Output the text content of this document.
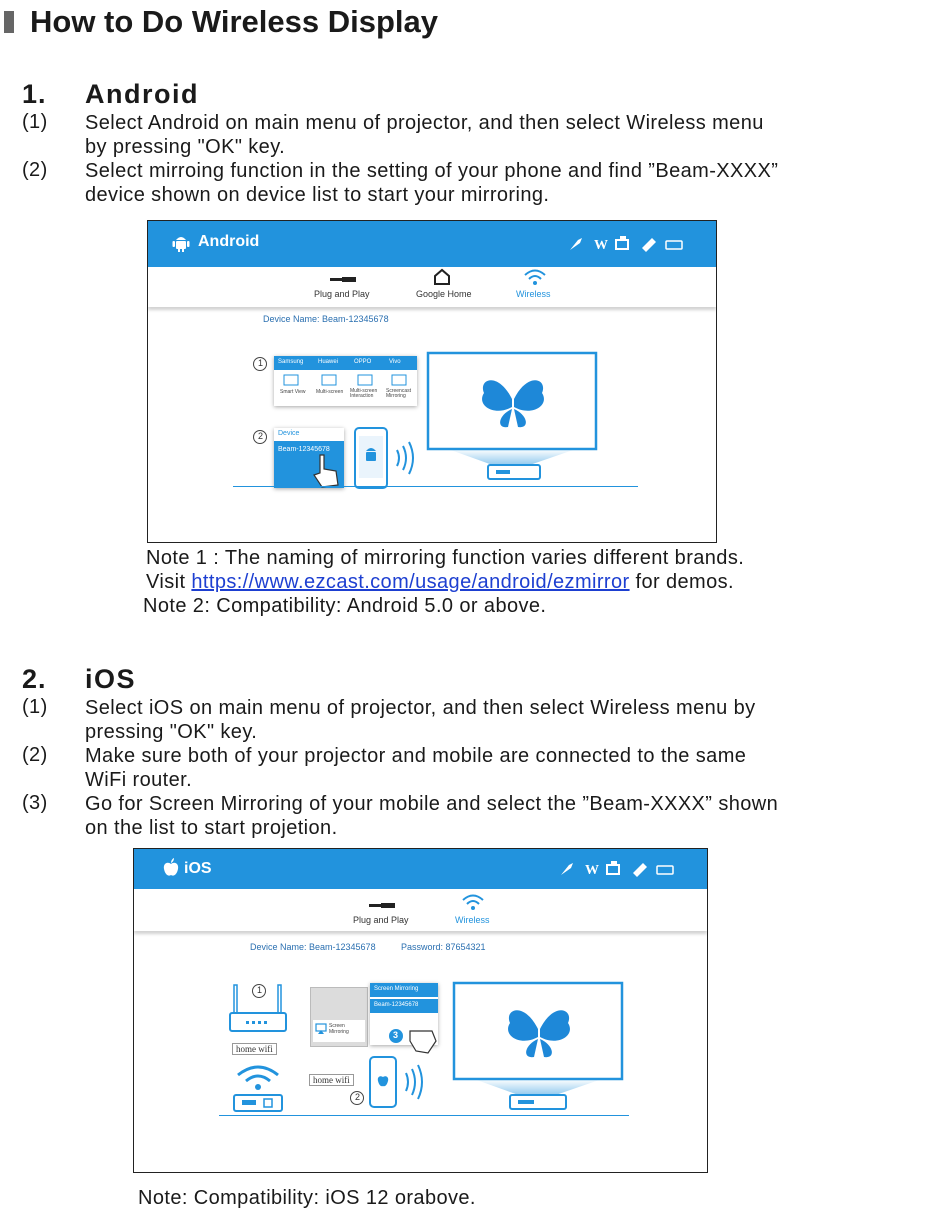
How to Do Wireless Display
1. Android
(1) Select Android on main menu of projector, and then select Wireless menu
by pressing "OK" key.
(2) Select mirroing function in the setting of your phone and find ”Beam-XXXX”
device shown on device list to start your mirroring.
Android	W
Plug and Play	Google Home	Wireless
Device Name: Beam-12345678
1 Samsung Huawei	OPPO	Vivo
Smart View Multi-screen Multi-screen Interaction
Screencast Mirroring
2 Device
Beam-12345678
Note 1 : The naming of mirroring function varies different brands.
Visit https://www.ezcast.com/usage/android/ezmirror for demos.
Note 2: Compatibility: Android 5.0 or above.
2. iOS
(1) Select iOS on main menu of projector, and then select Wireless menu by
pressing "OK" key.
(2) Make sure both of your projector and mobile are connected to the same
WiFi router.
(3) Go for Screen Mirroring of your mobile and select the ”Beam-XXXX” shown
on the list to start projetion.
iOS	W
Plug and Play	Wireless
Device Name: Beam-12345678	Password: 87654321
1
home wifi
Screen Mirroring
Screen Mirroring
Beam-12345678
3
home wifi
2
Note: Compatibility: iOS 12 orabove.
